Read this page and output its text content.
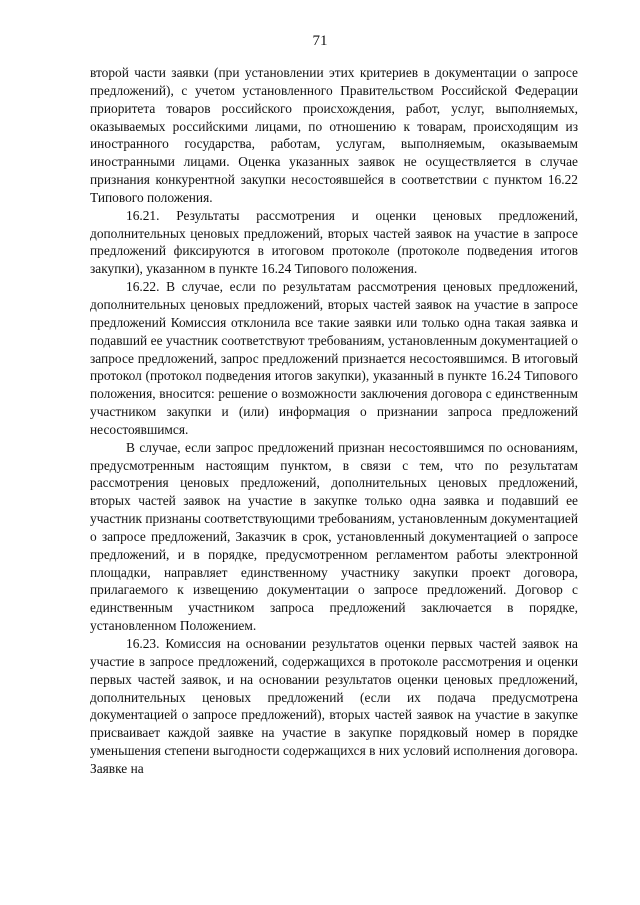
71

второй части заявки (при установлении этих критериев в документации о запросе предложений), с учетом установленного Правительством Российской Федерации приоритета товаров российского происхождения, работ, услуг, выполняемых, оказываемых российскими лицами, по отношению к товарам, происходящим из иностранного государства, работам, услугам, выполняемым, оказываемым иностранными лицами. Оценка указанных заявок не осуществляется в случае признания конкурентной закупки несостоявшейся в соответствии с пунктом 16.22 Типового положения.

16.21. Результаты рассмотрения и оценки ценовых предложений, дополнительных ценовых предложений, вторых частей заявок на участие в запросе предложений фиксируются в итоговом протоколе (протоколе подведения итогов закупки), указанном в пункте 16.24 Типового положения.

16.22. В случае, если по результатам рассмотрения ценовых предложений, дополнительных ценовых предложений, вторых частей заявок на участие в запросе предложений Комиссия отклонила все такие заявки или только одна такая заявка и подавший ее участник соответствуют требованиям, установленным документацией о запросе предложений, запрос предложений признается несостоявшимся. В итоговый протокол (протокол подведения итогов закупки), указанный в пункте 16.24 Типового положения, вносится: решение о возможности заключения договора с единственным участником закупки и (или) информация о признании запроса предложений несостоявшимся.

В случае, если запрос предложений признан несостоявшимся по основаниям, предусмотренным настоящим пунктом, в связи с тем, что по результатам рассмотрения ценовых предложений, дополнительных ценовых предложений, вторых частей заявок на участие в закупке только одна заявка и подавший ее участник признаны соответствующими требованиям, установленным документацией о запросе предложений, Заказчик в срок, установленный документацией о запросе предложений, и в порядке, предусмотренном регламентом работы электронной площадки, направляет единственному участнику закупки проект договора, прилагаемого к извещению документации о запросе предложений. Договор с единственным участником запроса предложений заключается в порядке, установленном Положением.

16.23. Комиссия на основании результатов оценки первых частей заявок на участие в запросе предложений, содержащихся в протоколе рассмотрения и оценки первых частей заявок, и на основании результатов оценки ценовых предложений, дополнительных ценовых предложений (если их подача предусмотрена документацией о запросе предложений), вторых частей заявок на участие в закупке присваивает каждой заявке на участие в закупке порядковый номер в порядке уменьшения степени выгодности содержащихся в них условий исполнения договора. Заявке на
